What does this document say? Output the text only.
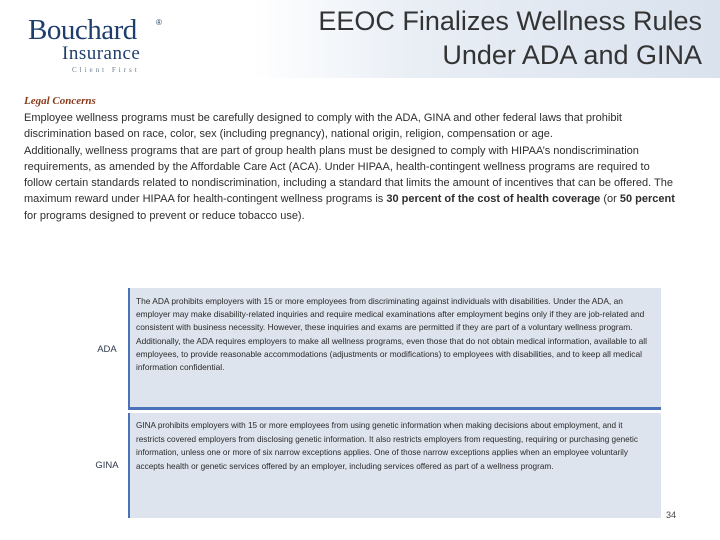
Bouchard ®
Insurance
Client First
EEOC Finalizes Wellness Rules Under ADA and GINA
Legal Concerns

Employee wellness programs must be carefully designed to comply with the ADA, GINA and other federal laws that prohibit discrimination based on race, color, sex (including pregnancy), national origin, religion, compensation or age.

Additionally, wellness programs that are part of group health plans must be designed to comply with HIPAA’s nondiscrimination requirements, as amended by the Affordable Care Act (ACA). Under HIPAA, health-contingent wellness programs are required to follow certain standards related to nondiscrimination, including a standard that limits the amount of incentives that can be offered. The maximum reward under HIPAA for health-contingent wellness programs is 30 percent of the cost of health coverage (or 50 percent for programs designed to prevent or reduce tobacco use).

ADA
The ADA prohibits employers with 15 or more employees from discriminating against individuals with disabilities. Under the ADA, an employer may make disability-related inquiries and require medical examinations after employment begins only if they are job-related and consistent with business necessity. However, these inquiries and exams are permitted if they are part of a voluntary wellness program. Additionally, the ADA requires employers to make all wellness programs, even those that do not obtain medical information, available to all employees, to provide reasonable accommodations (adjustments or modifications) to employees with disabilities, and to keep all medical information confidential.
GINA
GINA prohibits employers with 15 or more employees from using genetic information when making decisions about employment, and it restricts covered employers from disclosing genetic information. It also restricts employers from requesting, requiring or purchasing genetic information, unless one or more of six narrow exceptions applies. One of those narrow exceptions applies when an employee voluntarily accepts health or genetic services offered by an employer, including services offered as part of a wellness program.
34
